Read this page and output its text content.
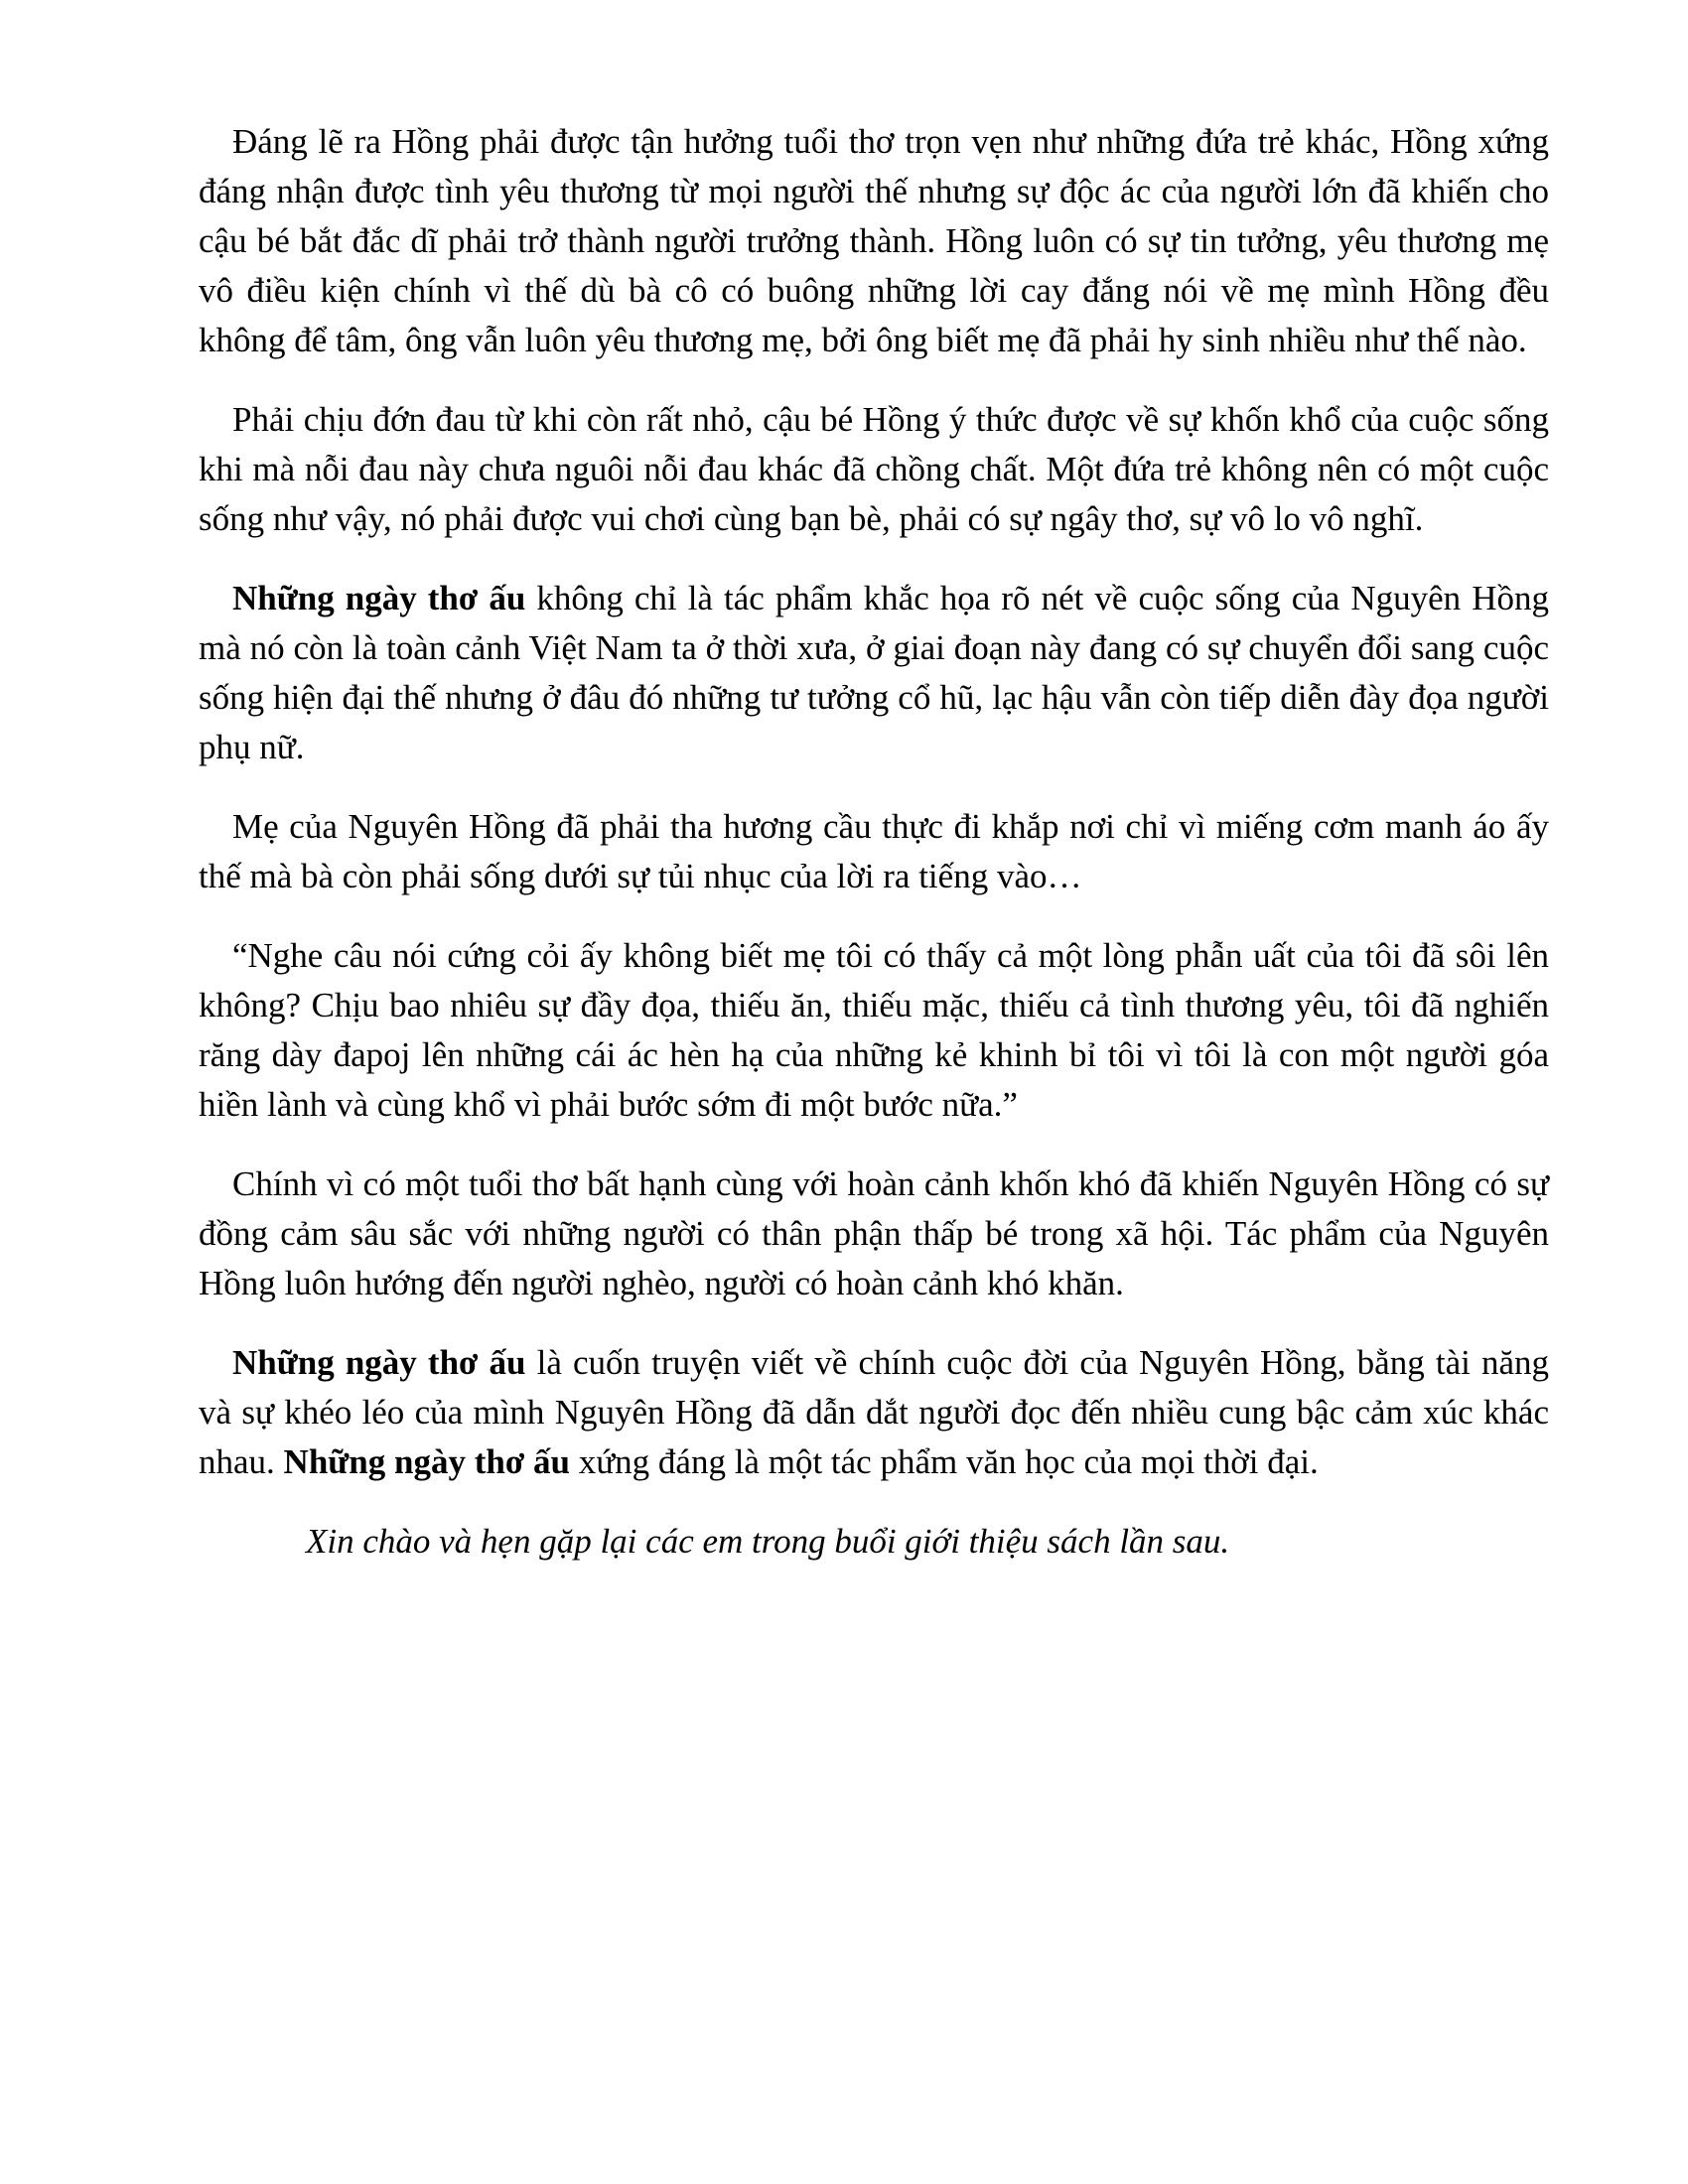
Đáng lẽ ra Hồng phải được tận hưởng tuổi thơ trọn vẹn như những đứa trẻ khác, Hồng xứng đáng nhận được tình yêu thương từ mọi người thế nhưng sự độc ác của người lớn đã khiến cho cậu bé bắt đắc dĩ phải trở thành người trưởng thành. Hồng luôn có sự tin tưởng, yêu thương mẹ vô điều kiện chính vì thế dù bà cô có buông những lời cay đắng nói về mẹ mình Hồng đều không để tâm, ông vẫn luôn yêu thương mẹ, bởi ông biết mẹ đã phải hy sinh nhiều như thế nào.

Phải chịu đớn đau từ khi còn rất nhỏ, cậu bé Hồng ý thức được về sự khốn khổ của cuộc sống khi mà nỗi đau này chưa nguôi nỗi đau khác đã chồng chất. Một đứa trẻ không nên có một cuộc sống như vậy, nó phải được vui chơi cùng bạn bè, phải có sự ngây thơ, sự vô lo vô nghĩ.

Những ngày thơ ấu không chỉ là tác phẩm khắc họa rõ nét về cuộc sống của Nguyên Hồng mà nó còn là toàn cảnh Việt Nam ta ở thời xưa, ở giai đoạn này đang có sự chuyển đổi sang cuộc sống hiện đại thế nhưng ở đâu đó những tư tưởng cổ hũ, lạc hậu vẫn còn tiếp diễn đày đọa người phụ nữ.

Mẹ của Nguyên Hồng đã phải tha hương cầu thực đi khắp nơi chỉ vì miếng cơm manh áo ấy thế mà bà còn phải sống dưới sự tủi nhục của lời ra tiếng vào…

“Nghe câu nói cứng cỏi ấy không biết mẹ tôi có thấy cả một lòng phẫn uất của tôi đã sôi lên không? Chịu bao nhiêu sự đầy đọa, thiếu ăn, thiếu mặc, thiếu cả tình thương yêu, tôi đã nghiến răng dày đapoj lên những cái ác hèn hạ của những kẻ khinh bỉ tôi vì tôi là con một người góa hiền lành và cùng khổ vì phải bước sớm đi một bước nữa.”

Chính vì có một tuổi thơ bất hạnh cùng với hoàn cảnh khốn khó đã khiến Nguyên Hồng có sự đồng cảm sâu sắc với những người có thân phận thấp bé trong xã hội. Tác phẩm của Nguyên Hồng luôn hướng đến người nghèo, người có hoàn cảnh khó khăn.

Những ngày thơ ấu là cuốn truyện viết về chính cuộc đời của Nguyên Hồng, bằng tài năng và sự khéo léo của mình Nguyên Hồng đã dẫn dắt người đọc đến nhiều cung bậc cảm xúc khác nhau. Những ngày thơ ấu xứng đáng là một tác phẩm văn học của mọi thời đại.

Xin chào và hẹn gặp lại các em trong buổi giới thiệu sách lần sau.
